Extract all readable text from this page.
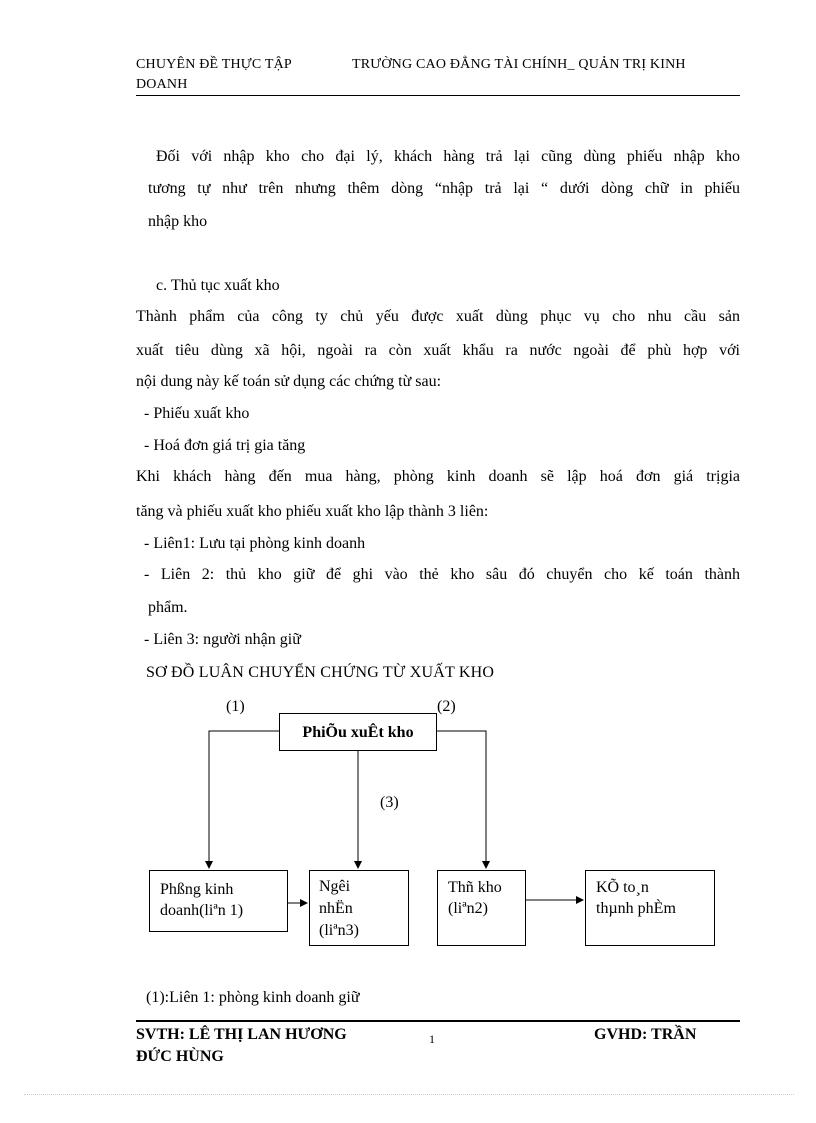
CHUYÊN ĐỀ THỰC TẬP	TRƯỜNG CAO ĐẲNG TÀI CHÍNH_ QUẢN TRỊ KINH
DOANH
Đối với nhập kho cho đại lý, khách hàng trả lại cũng dùng phiếu nhập kho
tương tự như trên nhưng thêm dòng “nhập trả lại “ dưới dòng chữ in phiếu
nhập kho
c. Thủ tục xuất kho
Thành phẩm của công ty chủ yếu được xuất dùng phục vụ cho nhu cầu sản
xuất tiêu dùng xã hội, ngoài ra còn xuất khẩu ra nước ngoài để phù hợp với
nội dung này kế toán sử dụng các chứng từ sau:
- Phiếu xuất kho
- Hoá đơn giá trị gia tăng
Khi khách hàng đến mua hàng, phòng kinh doanh sẽ lập hoá đơn giá trịgia
tăng và phiếu xuất kho phiếu xuất kho lập thành 3 liên:
- Liên1: Lưu tại phòng kinh doanh
- Liên 2: thủ kho giữ để ghi vào thẻ kho sâu đó chuyển cho kế toán thành
phẩm.
- Liên 3: người nhận giữ
SƠ ĐỒ LUÂN CHUYỂN CHỨNG TỪ XUẤT KHO
(1)	(2)
(3)
PhiÕu xuÊt kho
Phßng kinh
doanh(liªn 1)
Ngêi
nhËn
(liªn3)
Thñ kho
(liªn2)
KÕ to¸n
thµnh phÈm
(1):Liên 1: phòng kinh doanh giữ
SVTH: LÊ THỊ LAN HƯƠNG	1	GVHD: TRẦN
ĐỨC HÙNG
